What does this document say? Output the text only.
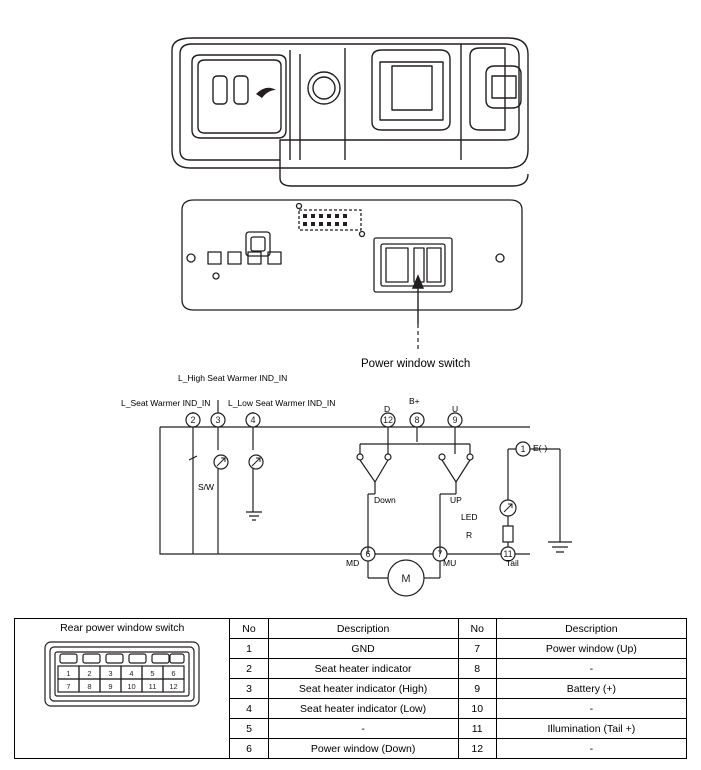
Power window switch
2 3	4	12 8	9
1
6	7	11
M
L_Seat Warmer IND_IN
L_High Seat Warmer IND_IN
L_Low Seat Warmer IND_IN
D
B+
U
E(-)
S/W
Down	UP
LED
R
MD	MU	Tail
Rear power window switch
1 2 3 4 5 6
7 8 9 10 11 12
	No	Description	No	Description
	1	GND	7	Power window (Up)
	2	Seat heater indicator	8	-
	3	Seat heater indicator (High)	9	Battery (+)
	4	Seat heater indicator (Low)	10	-
	5	-	11	Illumination (Tail +)
	6	Power window (Down)	12	-
